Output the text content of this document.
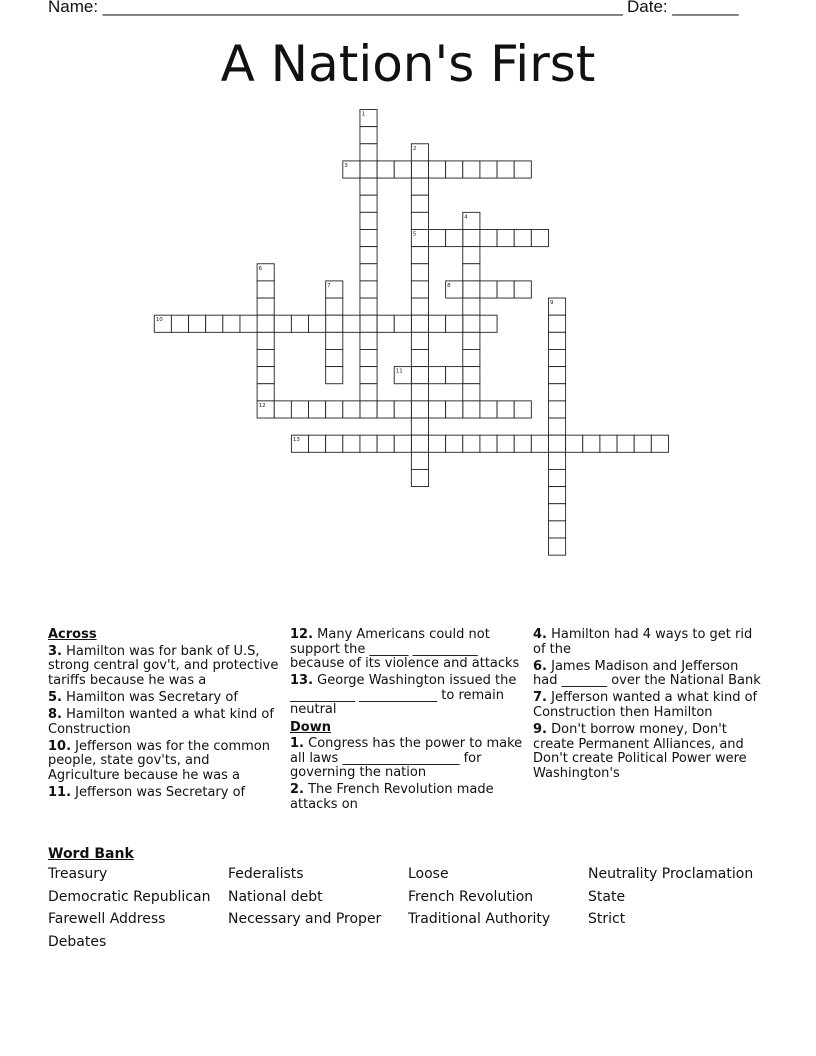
Name: _______________________________________________________ Date: _______
A Nation's First
1
2
3
4
5
6
7	8
9
10
11
12
13
Across
3. Hamilton was for bank of U.S, strong central gov't, and protective tariffs because he was a
5. Hamilton was Secretary of
8. Hamilton wanted a what kind of Construction
10. Jefferson was for the common people, state gov'ts, and Agriculture because he was a
11. Jefferson was Secretary of
12. Many Americans could not support the ______ __________ because of its violence and attacks
13. George Washington issued the __________ ____________ to remain neutral
Down
1. Congress has the power to make all laws __________________ for governing the nation
2. The French Revolution made attacks on
4. Hamilton had 4 ways to get rid of the
6. James Madison and Jefferson had _______ over the National Bank
7. Jefferson wanted a what kind of Construction then Hamilton
9. Don't borrow money, Don't create Permanent Alliances, and Don't create Political Power were Washington's
Word Bank
Treasury	Federalists	Loose	Neutrality Proclamation
Democratic Republican	National debt	French Revolution	State
Farewell Address	Necessary and Proper	Traditional Authority	Strict
Debates
